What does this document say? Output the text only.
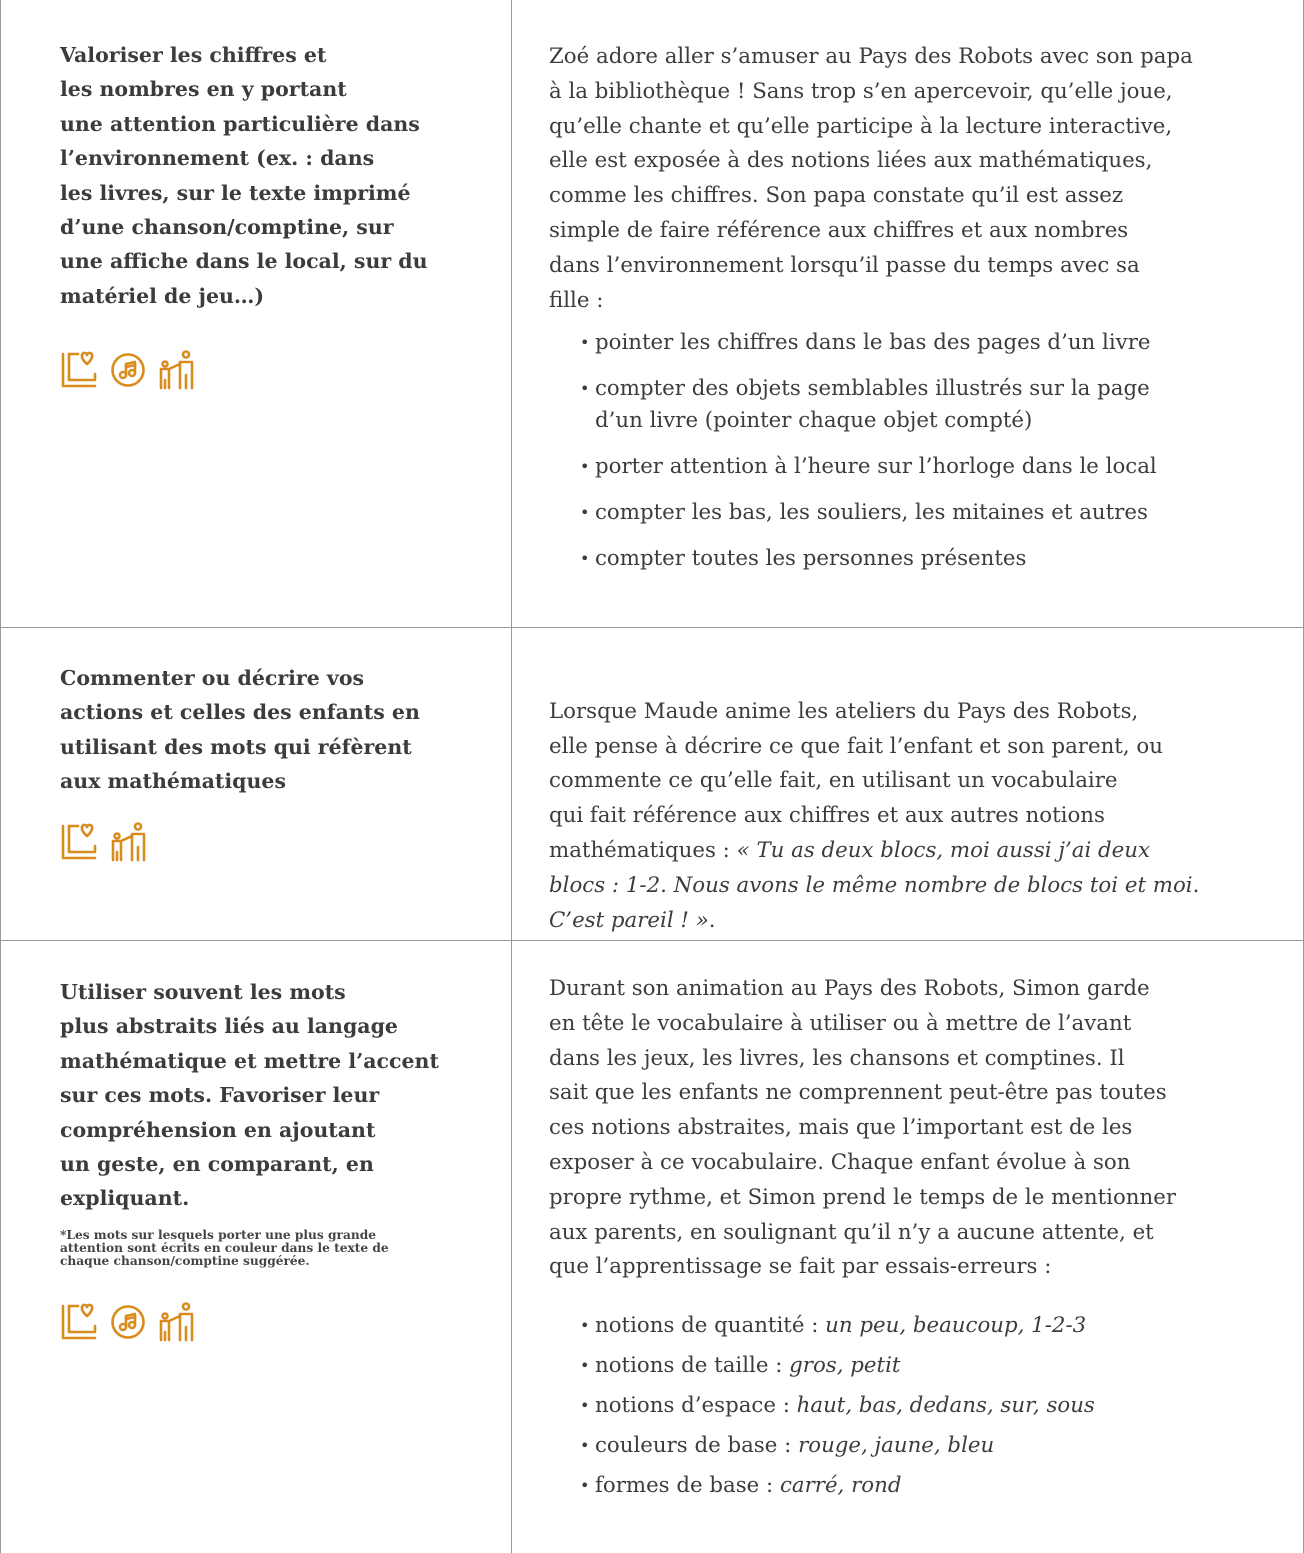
Valoriser les chiffres et
les nombres en y portant
une attention particulière dans
l’environnement (ex. : dans
les livres, sur le texte imprimé
d’une chanson/comptine, sur
une affiche dans le local, sur du
matériel de jeu…)

Zoé adore aller s’amuser au Pays des Robots avec son papa
à la bibliothèque ! Sans trop s’en apercevoir, qu’elle joue,
qu’elle chante et qu’elle participe à la lecture interactive,
elle est exposée à des notions liées aux mathématiques,
comme les chiffres. Son papa constate qu’il est assez
simple de faire référence aux chiffres et aux nombres
dans l’environnement lorsqu’il passe du temps avec sa
fille :

• pointer les chiffres dans le bas des pages d’un livre
• compter des objets semblables illustrés sur la page
d’un livre (pointer chaque objet compté)
• porter attention à l’heure sur l’horloge dans le local
• compter les bas, les souliers, les mitaines et autres
• compter toutes les personnes présentes

Commenter ou décrire vos
actions et celles des enfants en
utilisant des mots qui réfèrent
aux mathématiques

Lorsque Maude anime les ateliers du Pays des Robots,
elle pense à décrire ce que fait l’enfant et son parent, ou
commente ce qu’elle fait, en utilisant un vocabulaire
qui fait référence aux chiffres et aux autres notions
mathématiques : « Tu as deux blocs, moi aussi j’ai deux
blocs : 1-2. Nous avons le même nombre de blocs toi et moi.
C’est pareil ! ».

Utiliser souvent les mots
plus abstraits liés au langage
mathématique et mettre l’accent
sur ces mots. Favoriser leur
compréhension en ajoutant
un geste, en comparant, en
expliquant.

*Les mots sur lesquels porter une plus grande
attention sont écrits en couleur dans le texte de
chaque chanson/comptine suggérée.

Durant son animation au Pays des Robots, Simon garde
en tête le vocabulaire à utiliser ou à mettre de l’avant
dans les jeux, les livres, les chansons et comptines. Il
sait que les enfants ne comprennent peut-être pas toutes
ces notions abstraites, mais que l’important est de les
exposer à ce vocabulaire. Chaque enfant évolue à son
propre rythme, et Simon prend le temps de le mentionner
aux parents, en soulignant qu’il n’y a aucune attente, et
que l’apprentissage se fait par essais-erreurs :

• notions de quantité : un peu, beaucoup, 1-2-3
• notions de taille : gros, petit
• notions d’espace : haut, bas, dedans, sur, sous
• couleurs de base : rouge, jaune, bleu
• formes de base : carré, rond
